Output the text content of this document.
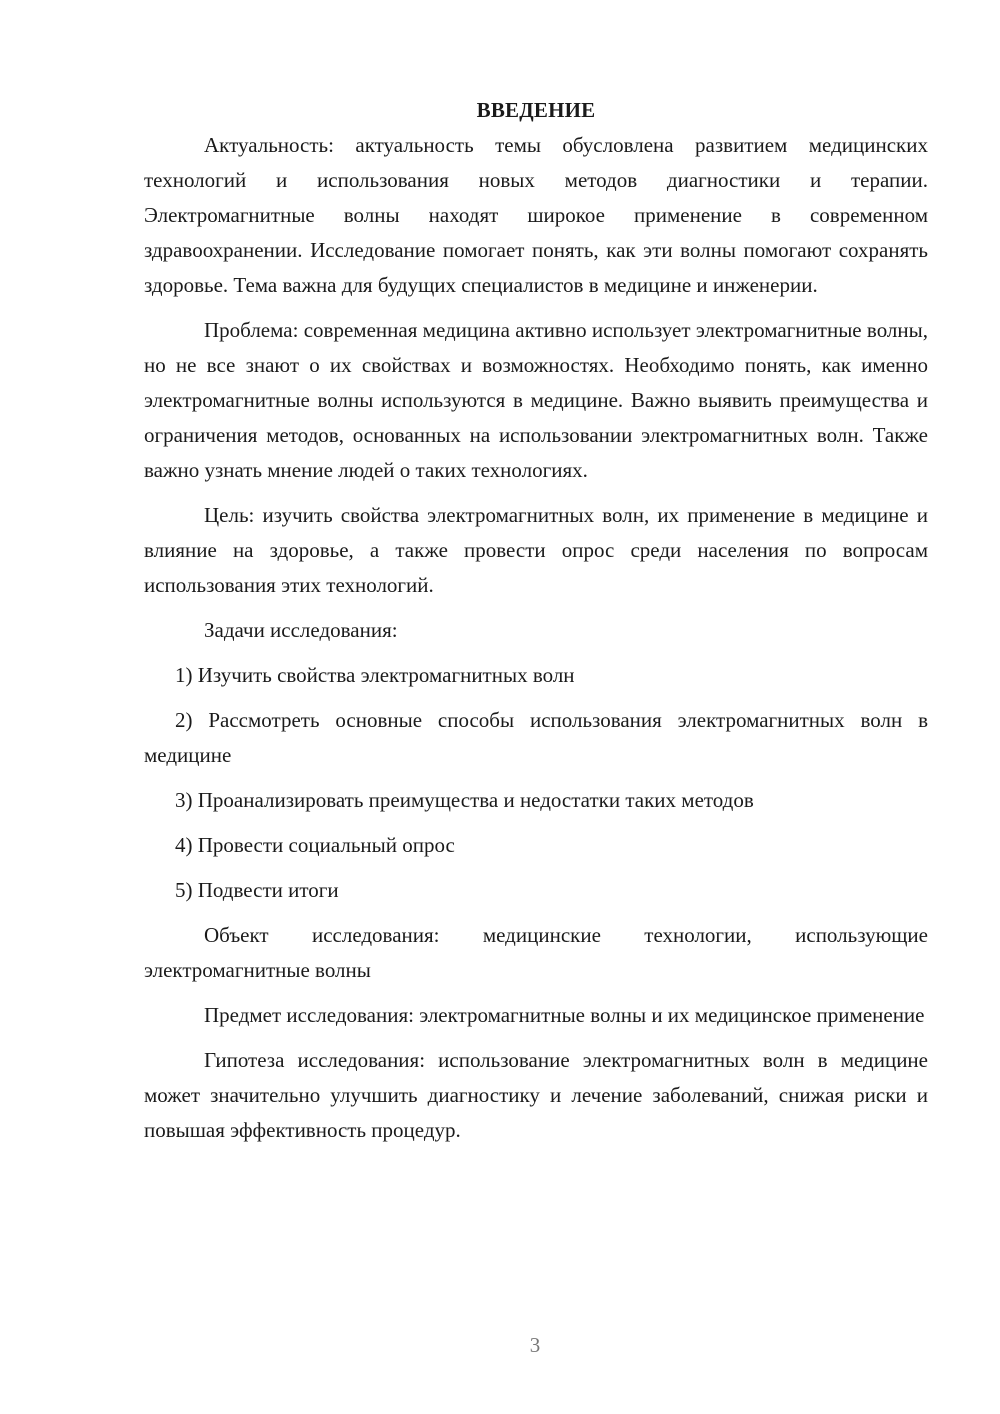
ВВЕДЕНИЕ

Актуальность: актуальность темы обусловлена развитием медицинских технологий и использования новых методов диагностики и терапии. Электромагнитные волны находят широкое применение в современном здравоохранении. Исследование помогает понять, как эти волны помогают сохранять здоровье. Тема важна для будущих специалистов в медицине и инженерии.

Проблема: современная медицина активно использует электромагнитные волны, но не все знают о их свойствах и возможностях. Необходимо понять, как именно электромагнитные волны используются в медицине. Важно выявить преимущества и ограничения методов, основанных на использовании электромагнитных волн. Также важно узнать мнение людей о таких технологиях.

Цель: изучить свойства электромагнитных волн, их применение в медицине и влияние на здоровье, а также провести опрос среди населения по вопросам использования этих технологий.

Задачи исследования:

1) Изучить свойства электромагнитных волн

2) Рассмотреть основные способы использования электромагнитных волн в медицине

3) Проанализировать преимущества и недостатки таких методов

4) Провести социальный опрос

5) Подвести итоги

Объект исследования: медицинские технологии, использующие электромагнитные волны

Предмет исследования: электромагнитные волны и их медицинское применение

Гипотеза исследования: использование электромагнитных волн в медицине может значительно улучшить диагностику и лечение заболеваний, снижая риски и повышая эффективность процедур.

3
